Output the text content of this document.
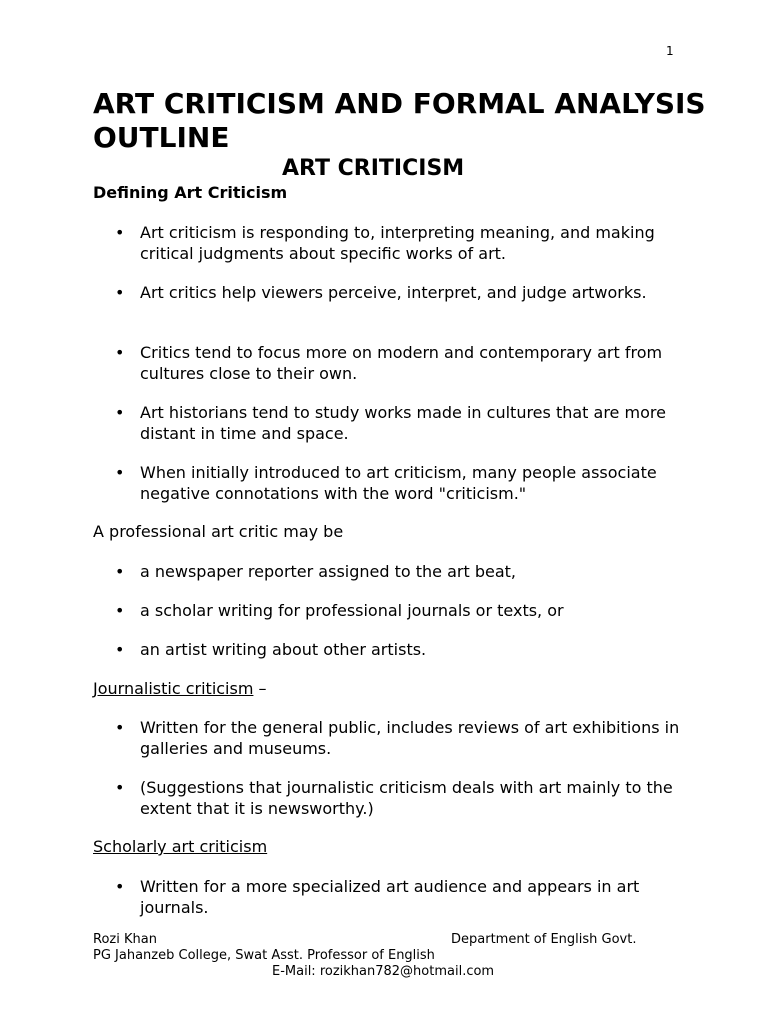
1
ART CRITICISM AND FORMAL ANALYSIS OUTLINE
ART CRITICISM
Defining Art Criticism
• Art criticism is responding to, interpreting meaning, and making critical judgments about specific works of art.
• Art critics help viewers perceive, interpret, and judge artworks.
• Critics tend to focus more on modern and contemporary art from cultures close to their own.
• Art historians tend to study works made in cultures that are more distant in time and space.
• When initially introduced to art criticism, many people associate negative connotations with the word "criticism."
A professional art critic may be
• a newspaper reporter assigned to the art beat,
• a scholar writing for professional journals or texts, or
• an artist writing about other artists.
Journalistic criticism –
• Written for the general public, includes reviews of art exhibitions in galleries and museums.
• (Suggestions that journalistic criticism deals with art mainly to the extent that it is newsworthy.)
Scholarly art criticism
• Written for a more specialized art audience and appears in art journals.
Rozi Khan	Department of English Govt.
PG Jahanzeb College, Swat Asst. Professor of English
E-Mail: rozikhan782@hotmail.com
